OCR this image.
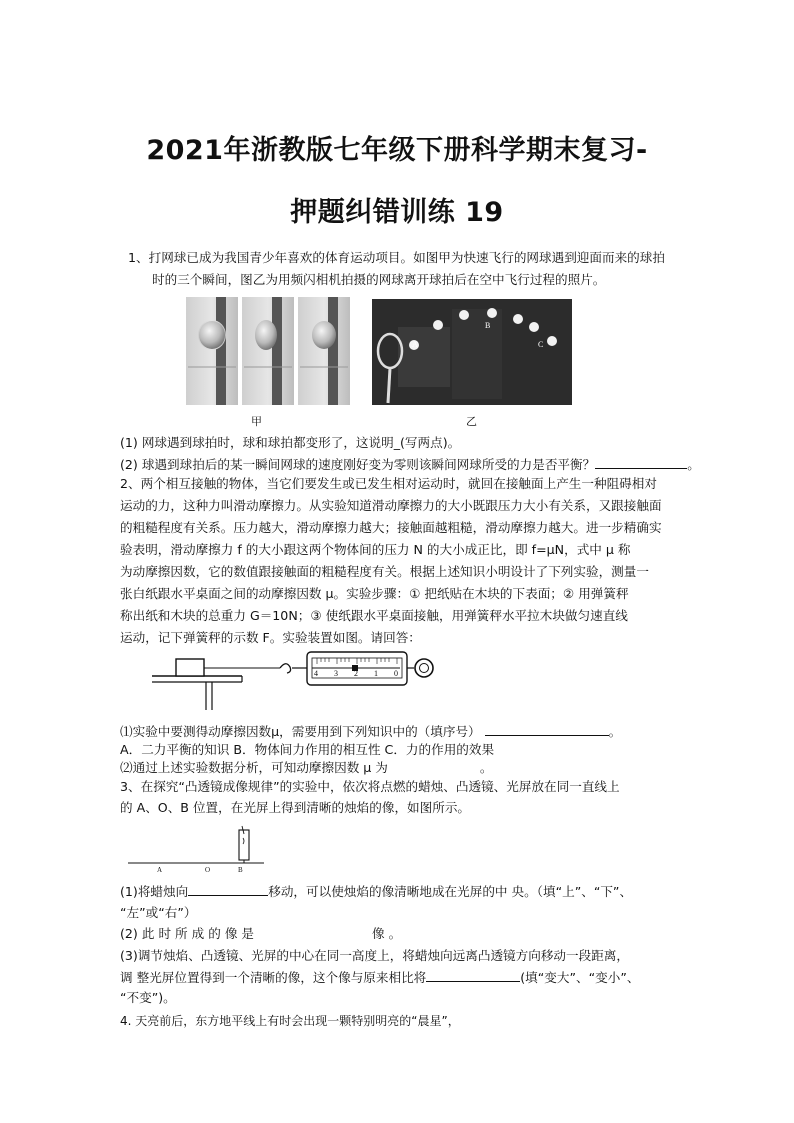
2021年浙教版七年级下册科学期末复习-
押题纠错训练 19
1、打网球已成为我国青少年喜欢的体育运动项目。如图甲为快速飞行的网球遇到迎面而来的球拍
时的三个瞬间，图乙为用频闪相机拍摄的网球离开球拍后在空中飞行过程的照片。
甲
A
B
C
乙
(1) 网球遇到球拍时，球和球拍都变形了，这说明_(写两点)。
(2) 球遇到球拍后的某一瞬间网球的速度刚好变为零则该瞬间网球所受的力是否平衡？	。
2、两个相互接触的物体，当它们要发生或已发生相对运动时，就回在接触面上产生一种阻碍相对
运动的力，这种力叫滑动摩擦力。从实验知道滑动摩擦力的大小既跟压力大小有关系，又跟接触面
的粗糙程度有关系。压力越大，滑动摩擦力越大；接触面越粗糙，滑动摩擦力越大。进一步精确实
验表明，滑动摩擦力 f 的大小跟这两个物体间的压力 N 的大小成正比，即 f=μN，式中 μ 称
为动摩擦因数，它的数值跟接触面的粗糙程度有关。根据上述知识小明设计了下列实验，测量一
张白纸跟水平桌面之间的动摩擦因数 μ。实验步骤：① 把纸贴在木块的下表面；② 用弹簧秤
称出纸和木块的总重力 G＝10N；③ 使纸跟水平桌面接触，用弹簧秤水平拉木块做匀速直线
运动，记下弹簧秤的示数 F。实验装置如图。请回答：
4 3 2 1 0
⑴实验中要测得动摩擦因数μ，需要用到下列知识中的（填序号）	。
A．二力平衡的知识 B．物体间力作用的相互性 C．力的作用的效果
⑵通过上述实验数据分析，可知动摩擦因数 μ 为	。
3、在探究“凸透镜成像规律”的实验中，依次将点燃的蜡烛、凸透镜、光屏放在同一直线上
的 A、O、B 位置，在光屏上得到清晰的烛焰的像，如图所示。
A	O	B
(1)将蜡烛向	移动，可以使烛焰的像清晰地成在光屏的中 央。（填“上”、“下”、
“左”或“右”）
(2) 此 时 所 成 的 像 是	像 。
(3)调节烛焰、凸透镜、光屏的中心在同一高度上，将蜡烛向远离凸透镜方向移动一段距离，
调 整光屏位置得到一个清晰的像，这个像与原来相比将	(填“变大”、“变小”、
“不变”)。
4. 天亮前后，东方地平线上有时会出现一颗特别明亮的“晨星”，
